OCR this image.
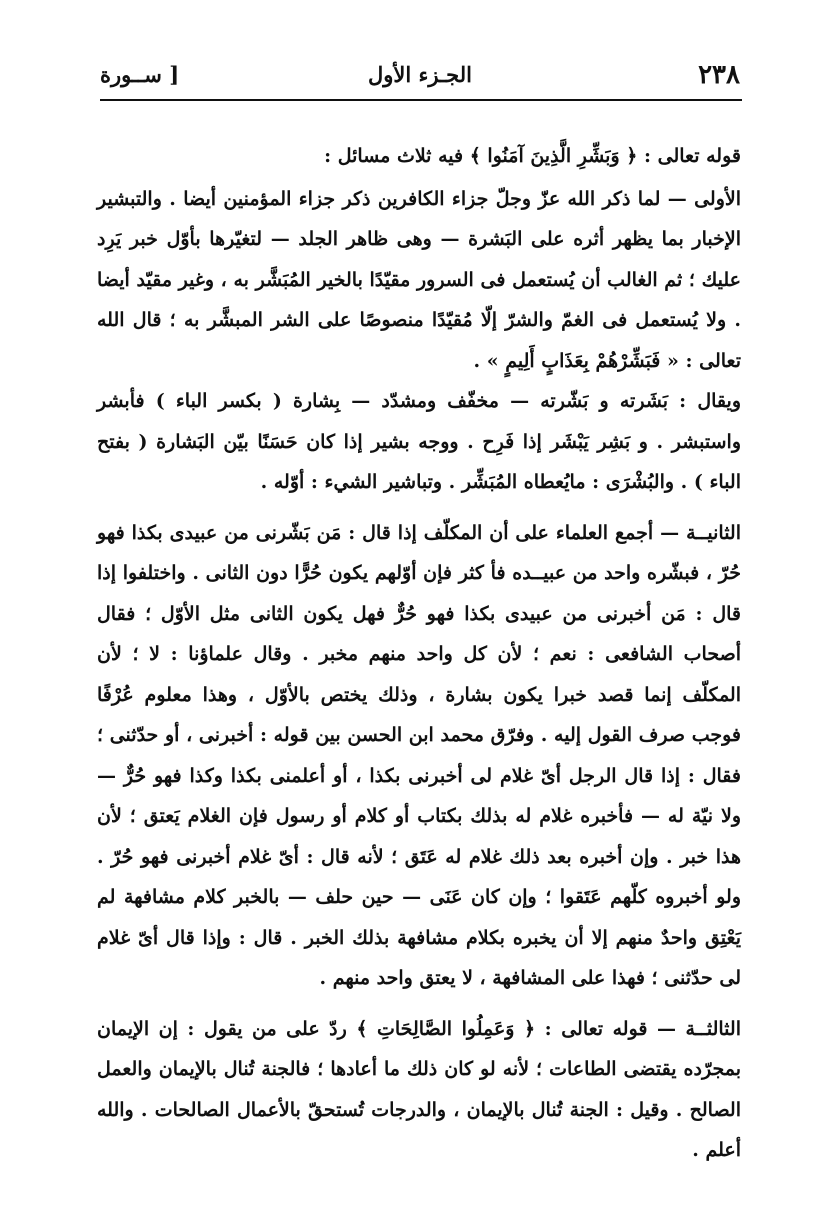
٢٣٨
الجـزء الأول
[ ســورة

قوله تعالى : ﴿ وَبَشِّرِ الَّذِينَ آمَنُوا ﴾ فيه ثلاث مسائل :

الأولى — لما ذكر الله عزّ وجلّ جزاء الكافرين ذكر جزاء المؤمنين أيضا . والتبشير الإخبار بما يظهر أثره على البَشرة — وهى ظاهر الجلد — لتغيّرها بأوّل خبر يَرِد عليك ؛ ثم الغالب أن يُستعمل فى السرور مقيّدًا بالخير المُبَشَّر به ، وغير مقيّد أيضا . ولا يُستعمل فى الغمّ والشرّ إلّا مُقيّدًا منصوصًا على الشر المبشَّر به ؛ قال الله تعالى : « فَبَشِّرْهُمْ بِعَذَابٍ أَلِيمٍ » .

ويقال : بَشَرته و بَشّرته — مخفّف ومشدّد — بِشارة ( بكسر الباء ) فأبشر واستبشر . و بَشِر يَبْشَر إذا فَرِح . ووجه بشير إذا كان حَسَنًا بيّن البَشارة ( بفتح الباء ) . والبُشْرَى : مايُعطاه المُبَشِّر . وتباشير الشيء : أوّله .

الثانيــة — أجمع العلماء على أن المكلّف إذا قال : مَن بَشّرنى من عبيدى بكذا فهو حُرّ ، فبشّره واحد من عبيــده فأ كثر فإن أوّلهم يكون حُرًّا دون الثانى . واختلفوا إذا قال : مَن أخبرنى من عبيدى بكذا فهو حُرٌّ فهل يكون الثانى مثل الأوّل ؛ فقال أصحاب الشافعى : نعم ؛ لأن كل واحد منهم مخبر . وقال علماؤنا : لا ؛ لأن المكلّف إنما قصد خبرا يكون بشارة ، وذلك يختص بالأوّل ، وهذا معلوم عُرْفًا فوجب صرف القول إليه . وفرّق محمد ابن الحسن بين قوله : أخبرنى ، أو حدّثنى ؛ فقال : إذا قال الرجل أىّ غلام لى أخبرنى بكذا ، أو أعلمنى بكذا وكذا فهو حُرٌّ — ولا نيّة له — فأخبره غلام له بذلك بكتاب أو كلام أو رسول فإن الغلام يَعتق ؛ لأن هذا خبر . وإن أخبره بعد ذلك غلام له عَتَق ؛ لأنه قال : أىّ غلام أخبرنى فهو حُرّ . ولو أخبروه كلّهم عَتَقوا ؛ وإن كان عَنَى — حين حلف — بالخبر كلام مشافهة لم يَعْتِق واحدٌ منهم إلا أن يخبره بكلام مشافهة بذلك الخبر . قال : وإذا قال أىّ غلام لى حدّثنى ؛ فهذا على المشافهة ، لا يعتق واحد منهم .

الثالثــة — قوله تعالى : ﴿ وَعَمِلُوا الصَّالِحَاتِ ﴾ ردّ على من يقول : إن الإيمان بمجرّده يقتضى الطاعات ؛ لأنه لو كان ذلك ما أعادها ؛ فالجنة تُنال بالإيمان والعمل الصالح . وقيل : الجنة تُنال بالإيمان ، والدرجات تُستحقّ بالأعمال الصالحات . والله أعلم .
